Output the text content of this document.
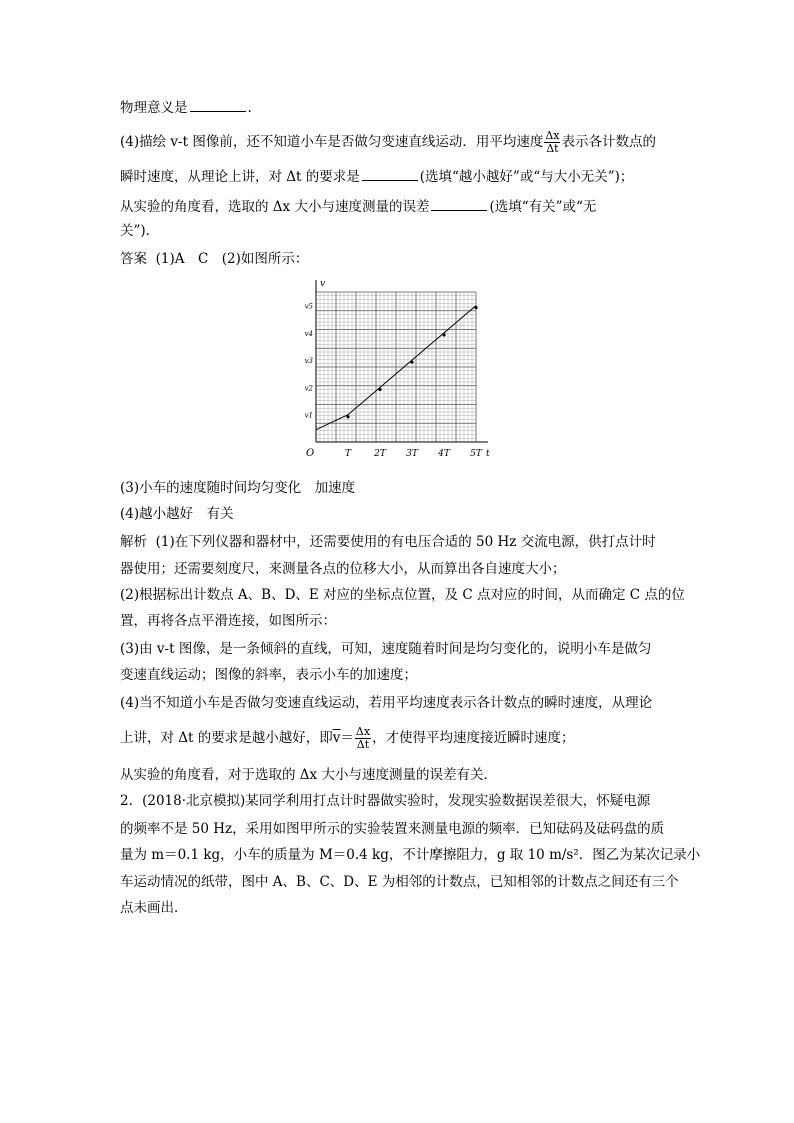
物理意义是	.
(4)描绘 v-t 图像前，还不知道小车是否做匀变速直线运动．用平均速度 $\frac{\Delta x}{\Delta t}$ 表示各计数点的
瞬时速度，从理论上讲，对 Δt 的要求是	(选填“越小越好”或“与大小无关”)；
从实验的角度看，选取的 Δx 大小与速度测量的误差	(选填“有关”或“无
关”)．
答案 (1)A　C　(2)如图所示：
v
t
O	T	2T 3T 4T 5T
v1
v2
v3
v4
v5
(3)小车的速度随时间均匀变化　加速度
(4)越小越好　有关
解析 (1)在下列仪器和器材中，还需要使用的有电压合适的 50 Hz 交流电源，供打点计时
器使用；还需要刻度尺，来测量各点的位移大小，从而算出各自速度大小；
(2)根据标出计数点 A、B、D、E 对应的坐标点位置，及 C 点对应的时间，从而确定 C 点的位
置，再将各点平滑连接，如图所示：
(3)由 v-t 图像，是一条倾斜的直线，可知，速度随着时间是均匀变化的，说明小车是做匀
变速直线运动；图像的斜率，表示小车的加速度；
(4)当不知道小车是否做匀变速直线运动，若用平均速度表示各计数点的瞬时速度，从理论
上讲，对 Δt 的要求是越小越好，即$\overline{v}= \frac{\Delta x}{\Delta t}$ ，才使得平均速度接近瞬时速度；
从实验的角度看，对于选取的 Δx 大小与速度测量的误差有关．
2．(2018·北京模拟)某同学利用打点计时器做实验时，发现实验数据误差很大，怀疑电源
的频率不是 50 Hz，采用如图甲所示的实验装置来测量电源的频率．已知砝码及砝码盘的质
量为 m＝0.1 kg，小车的质量为 M＝0.4 kg，不计摩擦阻力，g 取 10 m/s²．图乙为某次记录小
车运动情况的纸带，图中 A、B、C、D、E 为相邻的计数点，已知相邻的计数点之间还有三个
点未画出．
